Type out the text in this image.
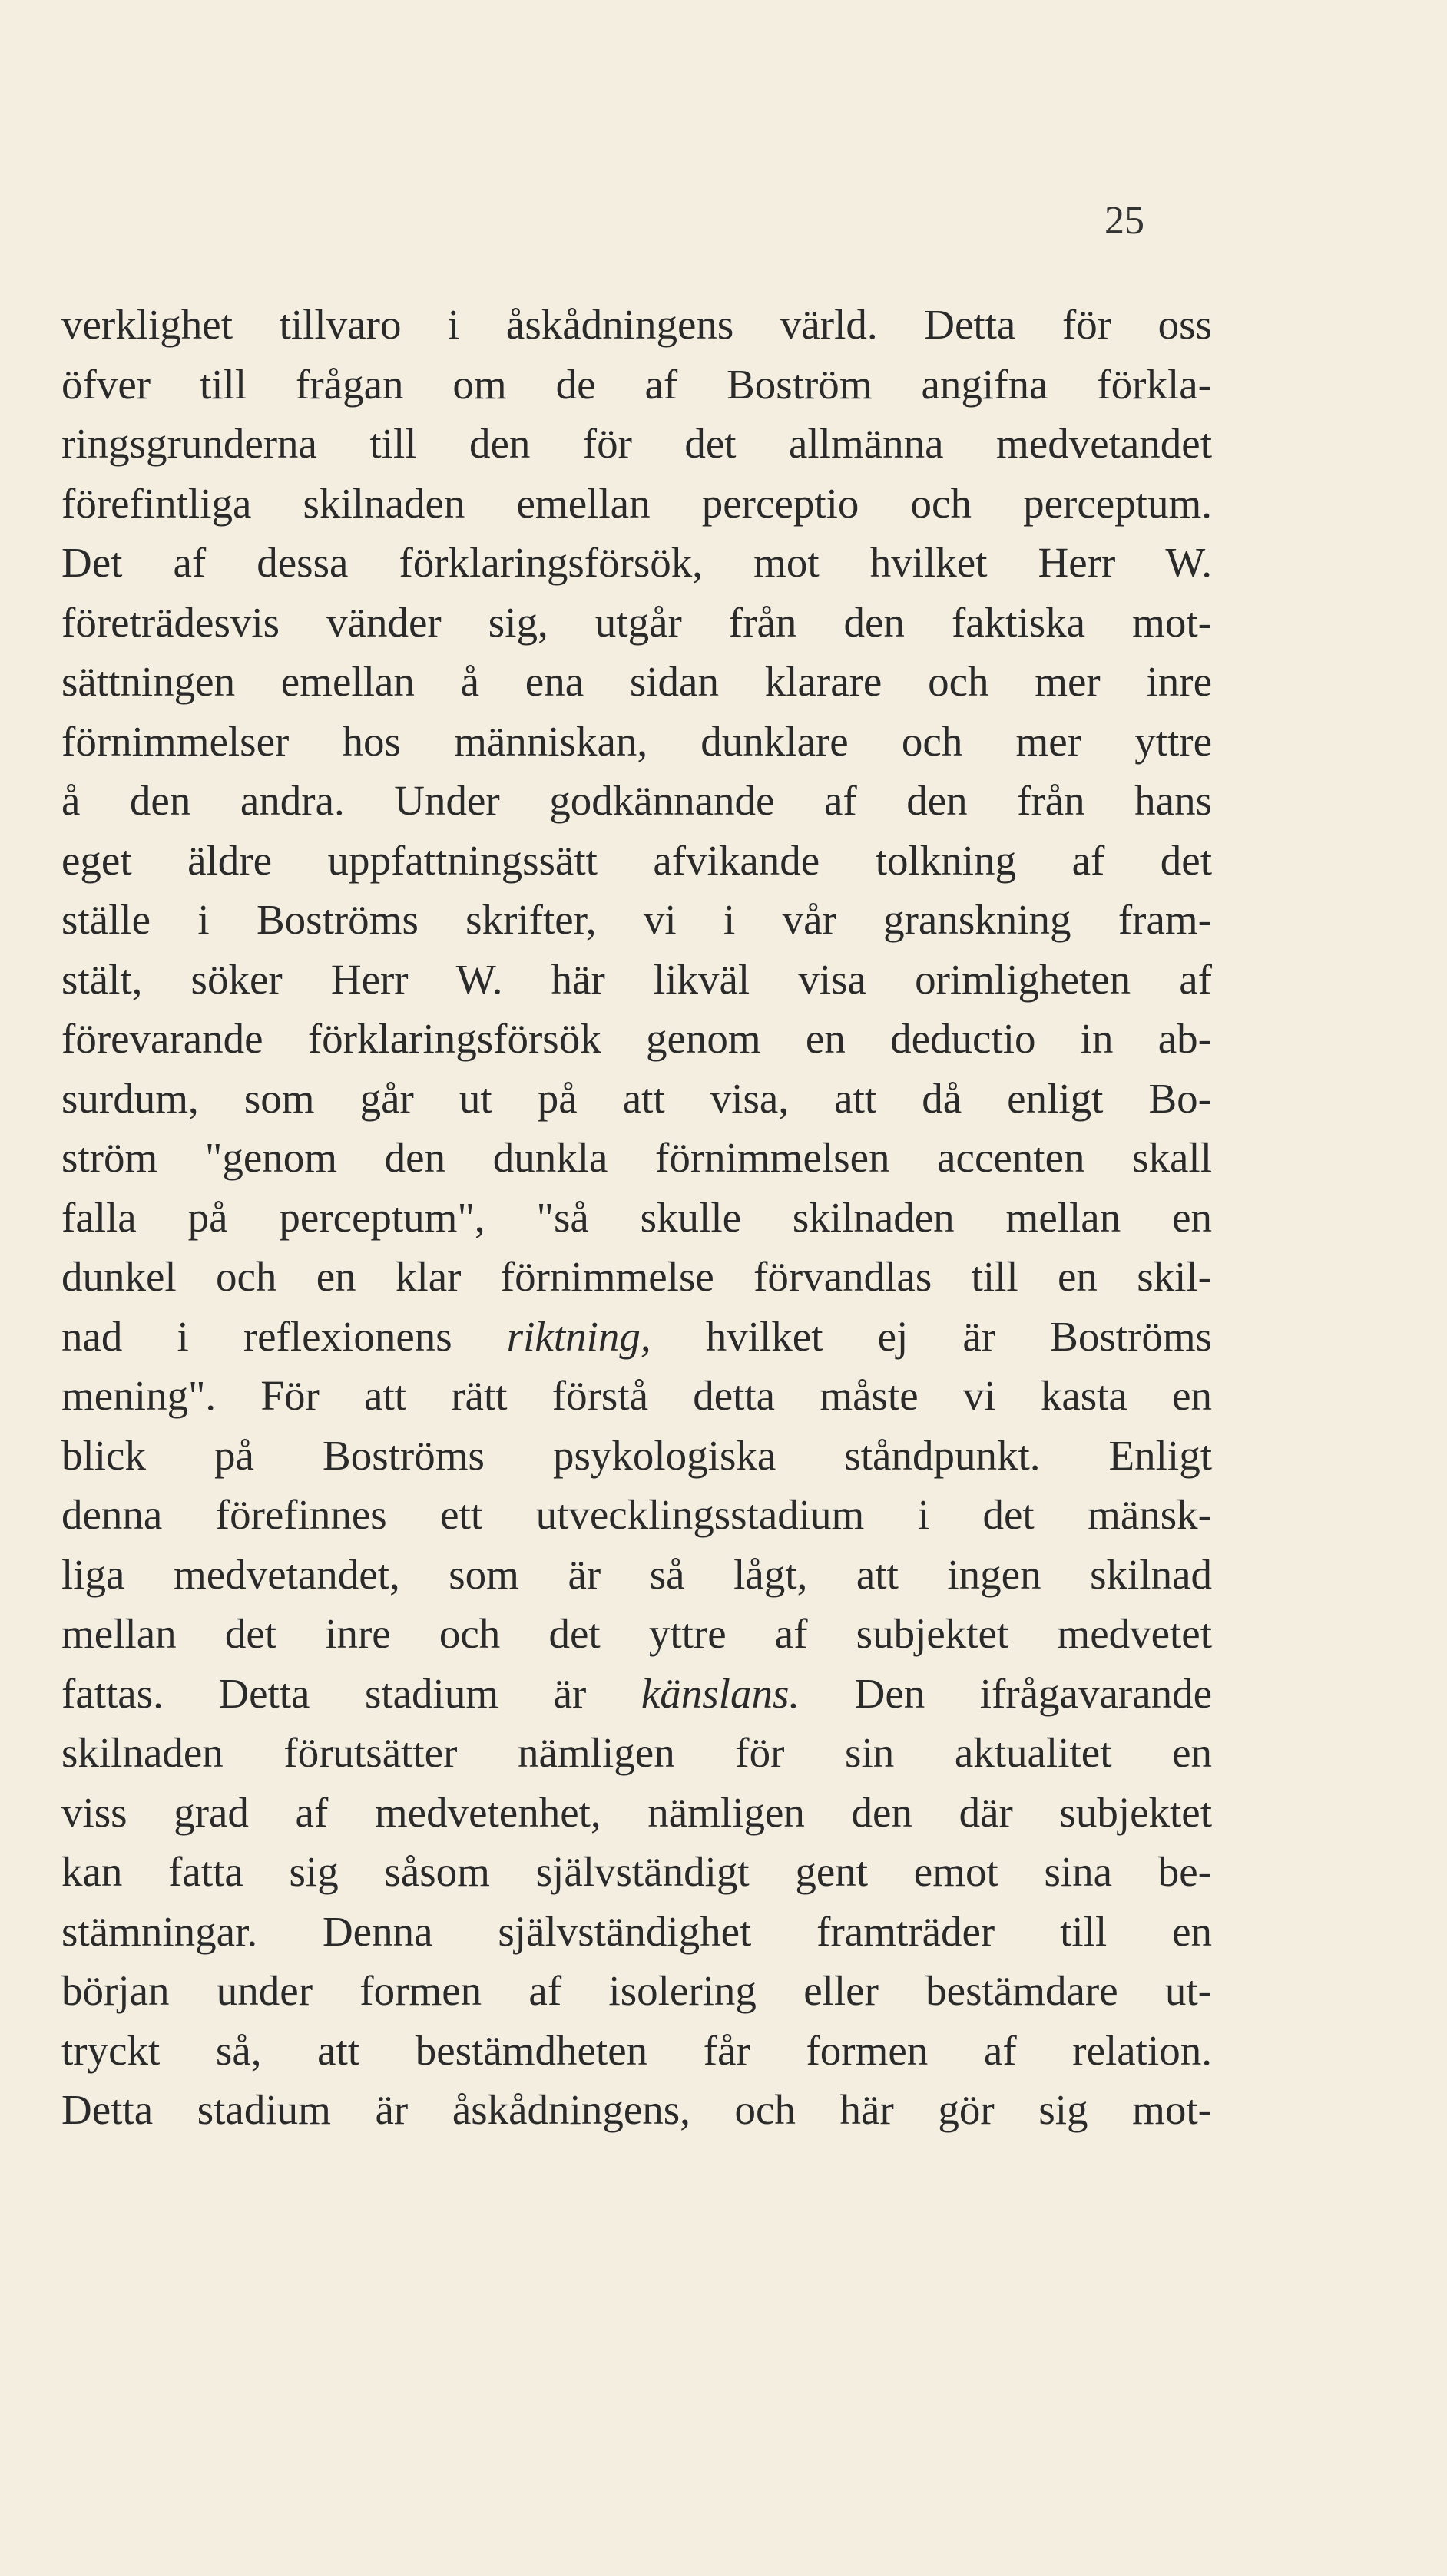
25
verklighet tillvaro i åskådningens värld. Detta för oss
öfver till frågan om de af Boström angifna förkla-
ringsgrunderna till den för det allmänna medvetandet
förefintliga skilnaden emellan perceptio och perceptum.
Det af dessa förklaringsförsök, mot hvilket Herr W.
företrädesvis vänder sig, utgår från den faktiska mot-
sättningen emellan å ena sidan klarare och mer inre
förnimmelser hos människan, dunklare och mer yttre
å den andra. Under godkännande af den från hans
eget äldre uppfattningssätt afvikande tolkning af det
ställe i Boströms skrifter, vi i vår granskning fram-
stält, söker Herr W. här likväl visa orimligheten af
förevarande förklaringsförsök genom en deductio in ab-
surdum, som går ut på att visa, att då enligt Bo-
ström "genom den dunkla förnimmelsen accenten skall
falla på perceptum", "så skulle skilnaden mellan en
dunkel och en klar förnimmelse förvandlas till en skil-
nad i reflexionens riktning, hvilket ej är Boströms
mening". För att rätt förstå detta måste vi kasta en
blick på Boströms psykologiska ståndpunkt. Enligt
denna förefinnes ett utvecklingsstadium i det mänsk-
liga medvetandet, som är så lågt, att ingen skilnad
mellan det inre och det yttre af subjektet medvetet
fattas. Detta stadium är känslans. Den ifrågavarande
skilnaden förutsätter nämligen för sin aktualitet en
viss grad af medvetenhet, nämligen den där subjektet
kan fatta sig såsom självständigt gent emot sina be-
stämningar. Denna självständighet framträder till en
början under formen af isolering eller bestämdare ut-
tryckt så, att bestämdheten får formen af relation.
Detta stadium är åskådningens, och här gör sig mot-
